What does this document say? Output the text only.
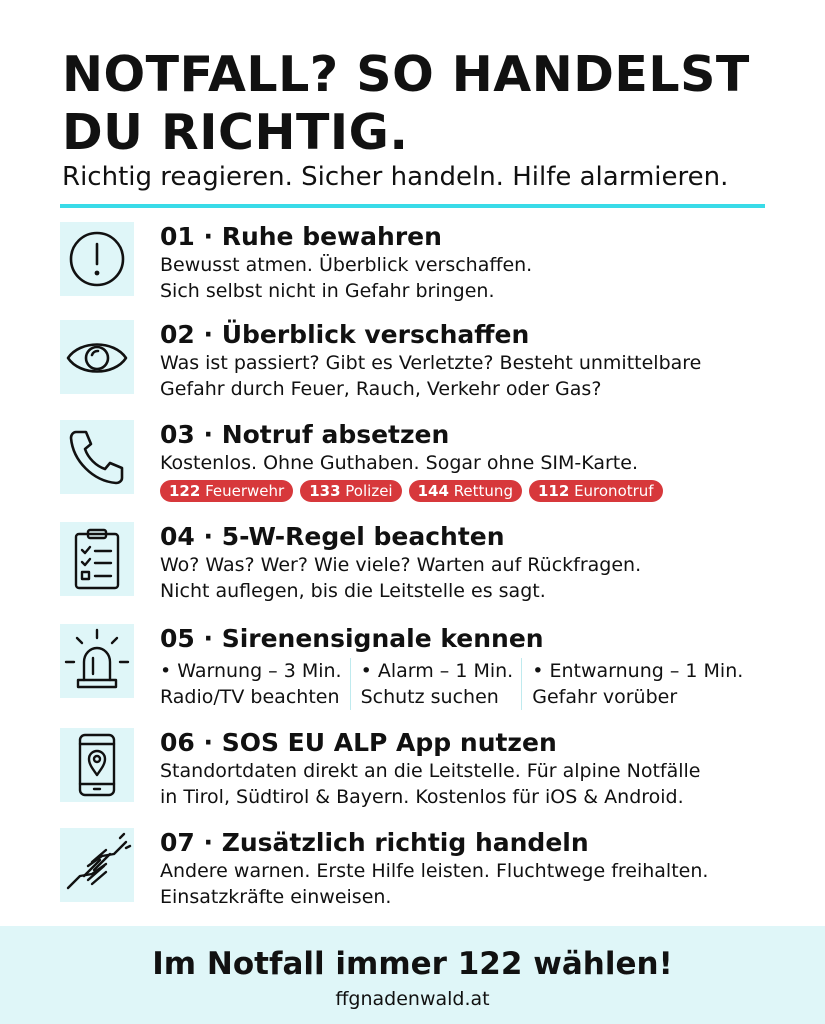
NOTFALL? SO HANDELST
DU RICHTIG.
Richtig reagieren. Sicher handeln. Hilfe alarmieren.
01 · Ruhe bewahren
Bewusst atmen. Überblick verschaffen.
Sich selbst nicht in Gefahr bringen.
02 · Überblick verschaffen
Was ist passiert? Gibt es Verletzte? Besteht unmittelbare
Gefahr durch Feuer, Rauch, Verkehr oder Gas?
03 · Notruf absetzen
Kostenlos. Ohne Guthaben. Sogar ohne SIM-Karte.
122 Feuerwehr	133 Polizei	144 Rettung	112 Euronotruf
04 · 5-W-Regel beachten
Wo? Was? Wer? Wie viele? Warten auf Rückfragen.
Nicht auflegen, bis die Leitstelle es sagt.
05 · Sirenensignale kennen
• Warnung – 3 Min.
Radio/TV beachten
• Alarm – 1 Min.
Schutz suchen
• Entwarnung – 1 Min.
Gefahr vorüber
06 · SOS EU ALP App nutzen
Standortdaten direkt an die Leitstelle. Für alpine Notfälle
in Tirol, Südtirol & Bayern. Kostenlos für iOS & Android.
07 · Zusätzlich richtig handeln
Andere warnen. Erste Hilfe leisten. Fluchtwege freihalten.
Einsatzkräfte einweisen.
Im Notfall immer 122 wählen!
ffgnadenwald.at
